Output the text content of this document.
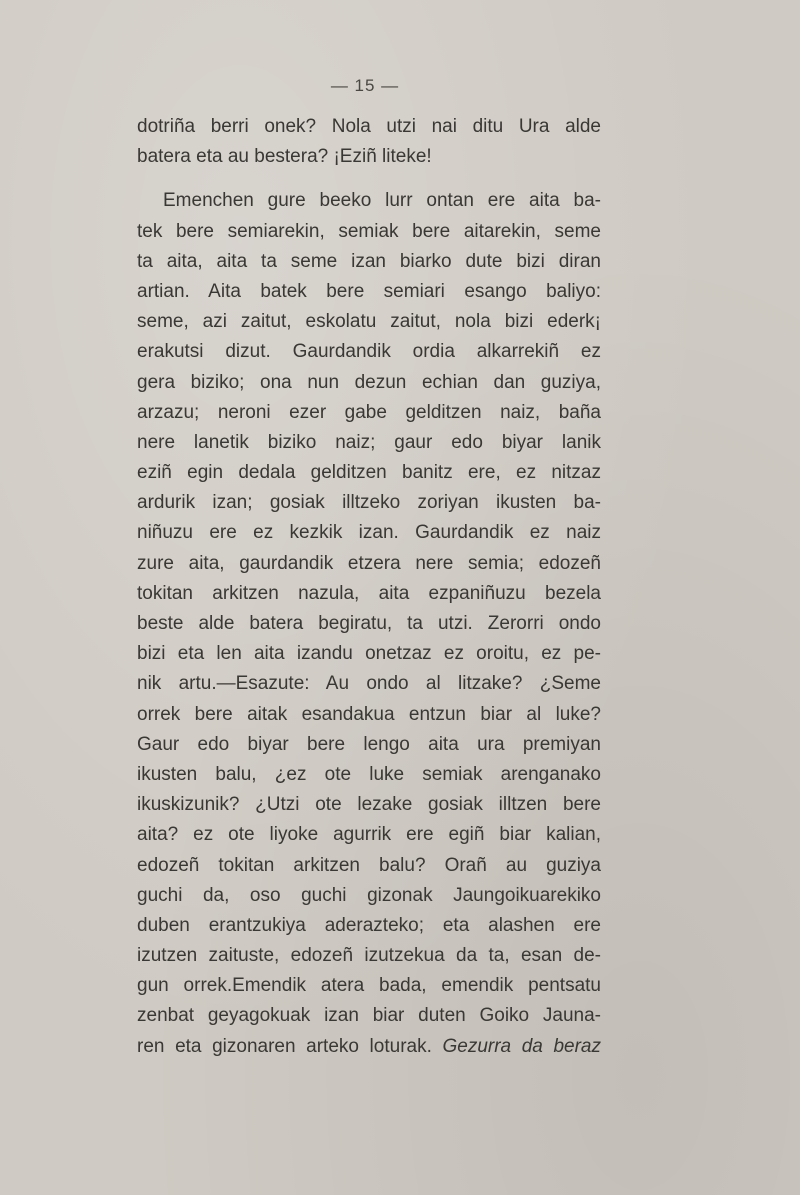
— 15 —
dotriña berri onek? Nola utzi nai ditu Ura alde
batera eta au bestera? ¡Eziñ liteke!
Emenchen gure beeko lurr ontan ere aita ba-
tek bere semiarekin, semiak bere aitarekin, seme
ta aita, aita ta seme izan biarko dute bizi diran
artian. Aita batek bere semiari esango baliyo:
seme, azi zaitut, eskolatu zaitut, nola bizi ederk¡
erakutsi dizut. Gaurdandik ordia alkarrekiñ ez
gera biziko; ona nun dezun echian dan guziya,
arzazu; neroni ezer gabe gelditzen naiz, baña
nere lanetik biziko naiz; gaur edo biyar lanik
eziñ egin dedala gelditzen banitz ere, ez nitzaz
ardurik izan; gosiak illtzeko zoriyan ikusten ba-
niñuzu ere ez kezkik izan. Gaurdandik ez naiz
zure aita, gaurdandik etzera nere semia; edozeñ
tokitan arkitzen nazula, aita ezpaniñuzu bezela
beste alde batera begiratu, ta utzi. Zerorri ondo
bizi eta len aita izandu onetzaz ez oroitu, ez pe-
nik artu.—Esazute: Au ondo al litzake? ¿Seme
orrek bere aitak esandakua entzun biar al luke?
Gaur edo biyar bere lengo aita ura premiyan
ikusten balu, ¿ez ote luke semiak arenganako
ikuskizunik? ¿Utzi ote lezake gosiak illtzen bere
aita? ez ote liyoke agurrik ere egiñ biar kalian,
edozeñ tokitan arkitzen balu? Orañ au guziya
guchi da, oso guchi gizonak Jaungoikuarekiko
duben erantzukiya aderazteko; eta alashen ere
izutzen zaituste, edozeñ izutzekua da ta, esan de-
gun orrek.Emendik atera bada, emendik pentsatu
zenbat geyagokuak izan biar duten Goiko Jauna-
ren eta gizonaren arteko loturak. Gezurra da beraz
